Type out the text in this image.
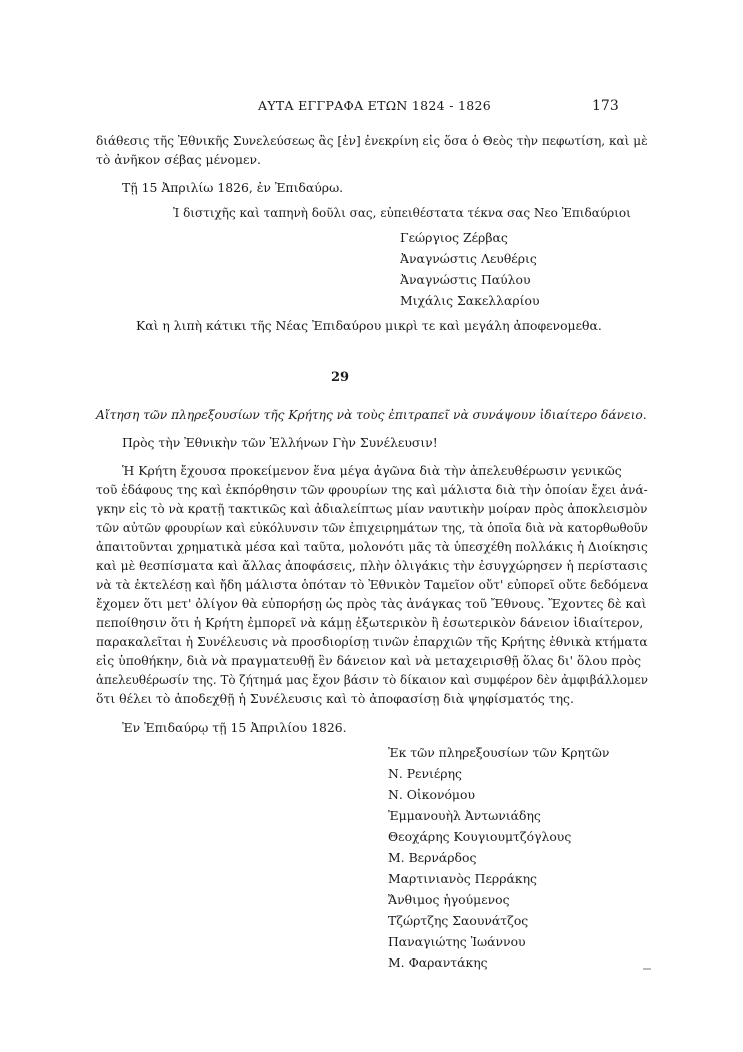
ΑΥΤΑ ΕΓΓΡΑΦΑ ΕΤΩΝ 1824 - 1826	173
διάθεσις τῆς Ἐθνικῆς Συνελεύσεως ἂς [ἐν] ἐνεκρίνη εἰς ὅσα ὁ Θεὸς τὴν πεφωτίση, καὶ μὲ
τὸ ἀνῆκον σέβας μένομεν.
Τῇ 15 Ἀπριλίω 1826, ἐν Ἐπιδαύρω.
Ἰ διστιχῆς καὶ ταπηνὴ δοῦλι σας, εὐπειθέστατα τέκνα σας Νεο Ἐπιδαύριοι
Γεώργιος Ζέρβας
Ἀναγνώστις Λευθέρις
Ἀναγνώστις Παύλου
Μιχάλις Σακελλαρίου
Καὶ η λιπὴ κάτικι τῆς Νέας Ἐπιδαύρου μικρὶ τε καὶ μεγάλη ἀποφενομεθα.
29
Αἴτηση τῶν πληρεξουσίων τῆς Κρήτης νὰ τοὺς ἐπιτραπεῖ νὰ συνάψουν ἰδιαίτερο δάνειο.
Πρὸς τὴν Ἐθνικὴν τῶν Ἑλλήνων Γὴν Συνέλευσιν!
Ἡ Κρήτη ἔχουσα προκείμενον ἕνα μέγα ἀγῶνα διὰ τὴν ἀπελευθέρωσιν γενικῶς
τοῦ ἐδάφους της καὶ ἐκπόρθησιν τῶν φρουρίων της καὶ μάλιστα διὰ τὴν ὁποίαν ἔχει ἀνά-
γκην εἰς τὸ νὰ κρατῇ τακτικῶς καὶ ἀδιαλείπτως μίαν ναυτικὴν μοίραν πρὸς ἀποκλεισμὸν
τῶν αὐτῶν φρουρίων καὶ εὐκόλυνσιν τῶν ἐπιχειρημάτων της, τὰ ὁποῖα διὰ νὰ κατορθωθοῦν
ἀπαιτοῦνται χρηματικὰ μέσα καὶ ταῦτα, μολονότι μᾶς τὰ ὑπεσχέθη πολλάκις ἡ Διοίκησις
καὶ μὲ θεσπίσματα καὶ ἄλλας ἀποφάσεις, πλὴν ὀλιγάκις τὴν ἐσυγχώρησεν ἡ περίστασις
νὰ τὰ ἐκτελέσῃ καὶ ἤδη μάλιστα ὁπόταν τὸ Ἐθνικὸν Ταμεῖον οὔτ' εὐπορεῖ οὔτε δεδόμενα
ἔχομεν ὅτι μετ' ὀλίγον θὰ εὐπορήσῃ ὡς πρὸς τὰς ἀνάγκας τοῦ Ἔθνους. Ἔχοντες δὲ καὶ
πεποίθησιν ὅτι ἡ Κρήτη ἐμπορεῖ νὰ κάμῃ ἐξωτερικὸν ἢ ἐσωτερικὸν δάνειον ἰδιαίτερον,
παρακαλεῖται ἡ Συνέλευσις νὰ προσδιορίσῃ τινῶν ἐπαρχιῶν τῆς Κρήτης ἐθνικὰ κτήματα
εἰς ὑποθήκην, διὰ νὰ πραγματευθῇ ἓν δάνειον καὶ νὰ μεταχειρισθῇ ὅλας δι' ὅλου πρὸς
ἀπελευθέρωσίν της. Τὸ ζήτημά μας ἔχον βάσιν τὸ δίκαιον καὶ συμφέρον δὲν ἀμφιβάλλομεν
ὅτι θέλει τὸ ἀποδεχθῇ ἡ Συνέλευσις καὶ τὸ ἀποφασίσῃ διὰ ψηφίσματός της.
Ἐν Ἐπιδαύρῳ τῇ 15 Ἀπριλίου 1826.
Ἐκ τῶν πληρεξουσίων τῶν Κρητῶν
Ν. Ρενιέρης
Ν. Οἰκονόμου
Ἐμμανουὴλ Ἀντωνιάδης
Θεοχάρης Κουγιουμτζόγλους
Μ. Βερνάρδος
Μαρτινιανὸς Περράκης
Ἄνθιμος ἡγούμενος
Τζώρτζης Σαουνάτζος
Παναγιώτης Ἰωάννου
Μ. Φαραντάκης
